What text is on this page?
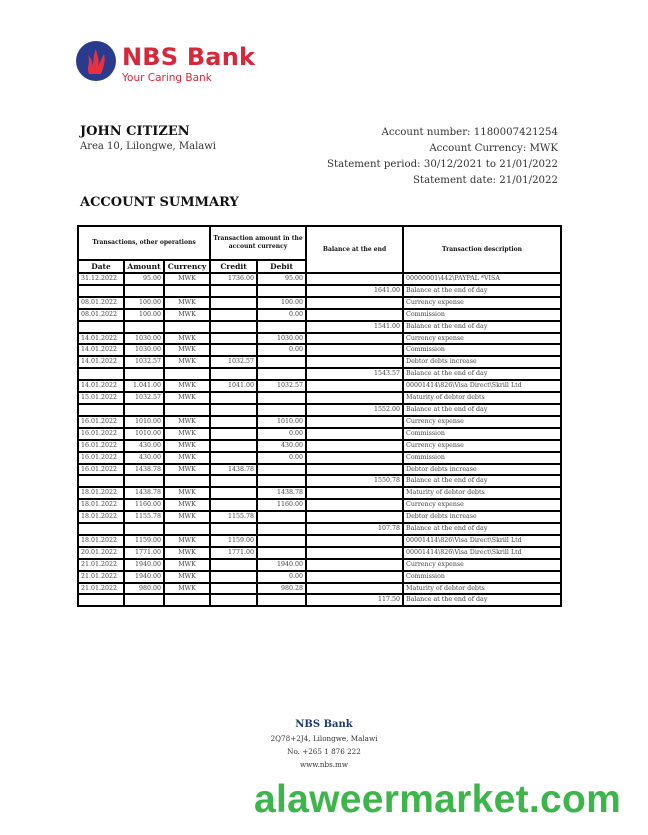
NBS Bank
Your Caring Bank
JOHN CITIZEN
Area 10, Lilongwe, Malawi
Account number: 1180007421254
Account Currency: MWK
Statement period: 30/12/2021 to 21/01/2022
Statement date: 21/01/2022
ACCOUNT SUMMARY
Transactions, other operations			Transaction amount in the account currency		Balance at the end	Transaction description
Date	Amount	Currency	Credit	Debit		
31.12.2022	95.00	MWK	1736.00	95.00		00000001\442\PAYPAL *VISA
					1641.00	Balance at the end of day
08.01.2022	100.00	MWK		100.00		Currency expense
08.01.2022	100.00	MWK		0.00		Commission
					1541.00	Balance at the end of day
14.01.2022	1030.00	MWK		1030.00		Currency expense
14.01.2022	1030.00	MWK		0.00		Commission
14.01.2022	1032.57	MWK	1032.57			Debtor debts increase
					1543.57	Balance at the end of day
14.01.2022	1.041.00	MWK	1041.00	1032.57		00001414\826\Visa Direct\Skrill Ltd
15.01.2022	1032.57	MWK				Maturity of debtor debts
					1552.00	Balance at the end of day
16.01.2022	1010.00	MWK		1010.00		Currency expense
16.01.2022	1010.00	MWK		0.00		Commission
16.01.2022	430.00	MWK		430.00		Currency expense
16.01.2022	430.00	MWK		0.00		Commission
16.01.2022	1438.78	MWK	1438.78			Debtor debts increase
					1550.78	Balance at the end of day
18.01.2022	1438.78	MWK		1438.78		Maturity of debtor debts
18.01.2022	1160.00	MWK		1160.00		Currency expense
18.01.2022	1155.78	MWK	1155.78			Debtor debts increase
					107.78	Balance at the end of day
18.01.2022	1159.00	MWK	1159.00			00001414\826\Visa Direct\Skrill Ltd
20.01.2022	1771.00	MWK	1771.00			00001414\826\Visa Direct\Skrill Ltd
21.01.2022	1940.00	MWK		1940.00		Currency expense
21.01.2022	1940.00	MWK		0.00		Commission
21.01.2022	980.00	MWK		980.28		Maturity of debtor debts
					117.50	Balance at the end of day
NBS Bank
2Q78+2J4, Lilongwe, Malawi
No. +265 1 876 222
www.nbs.mw
alaweermarket.com
